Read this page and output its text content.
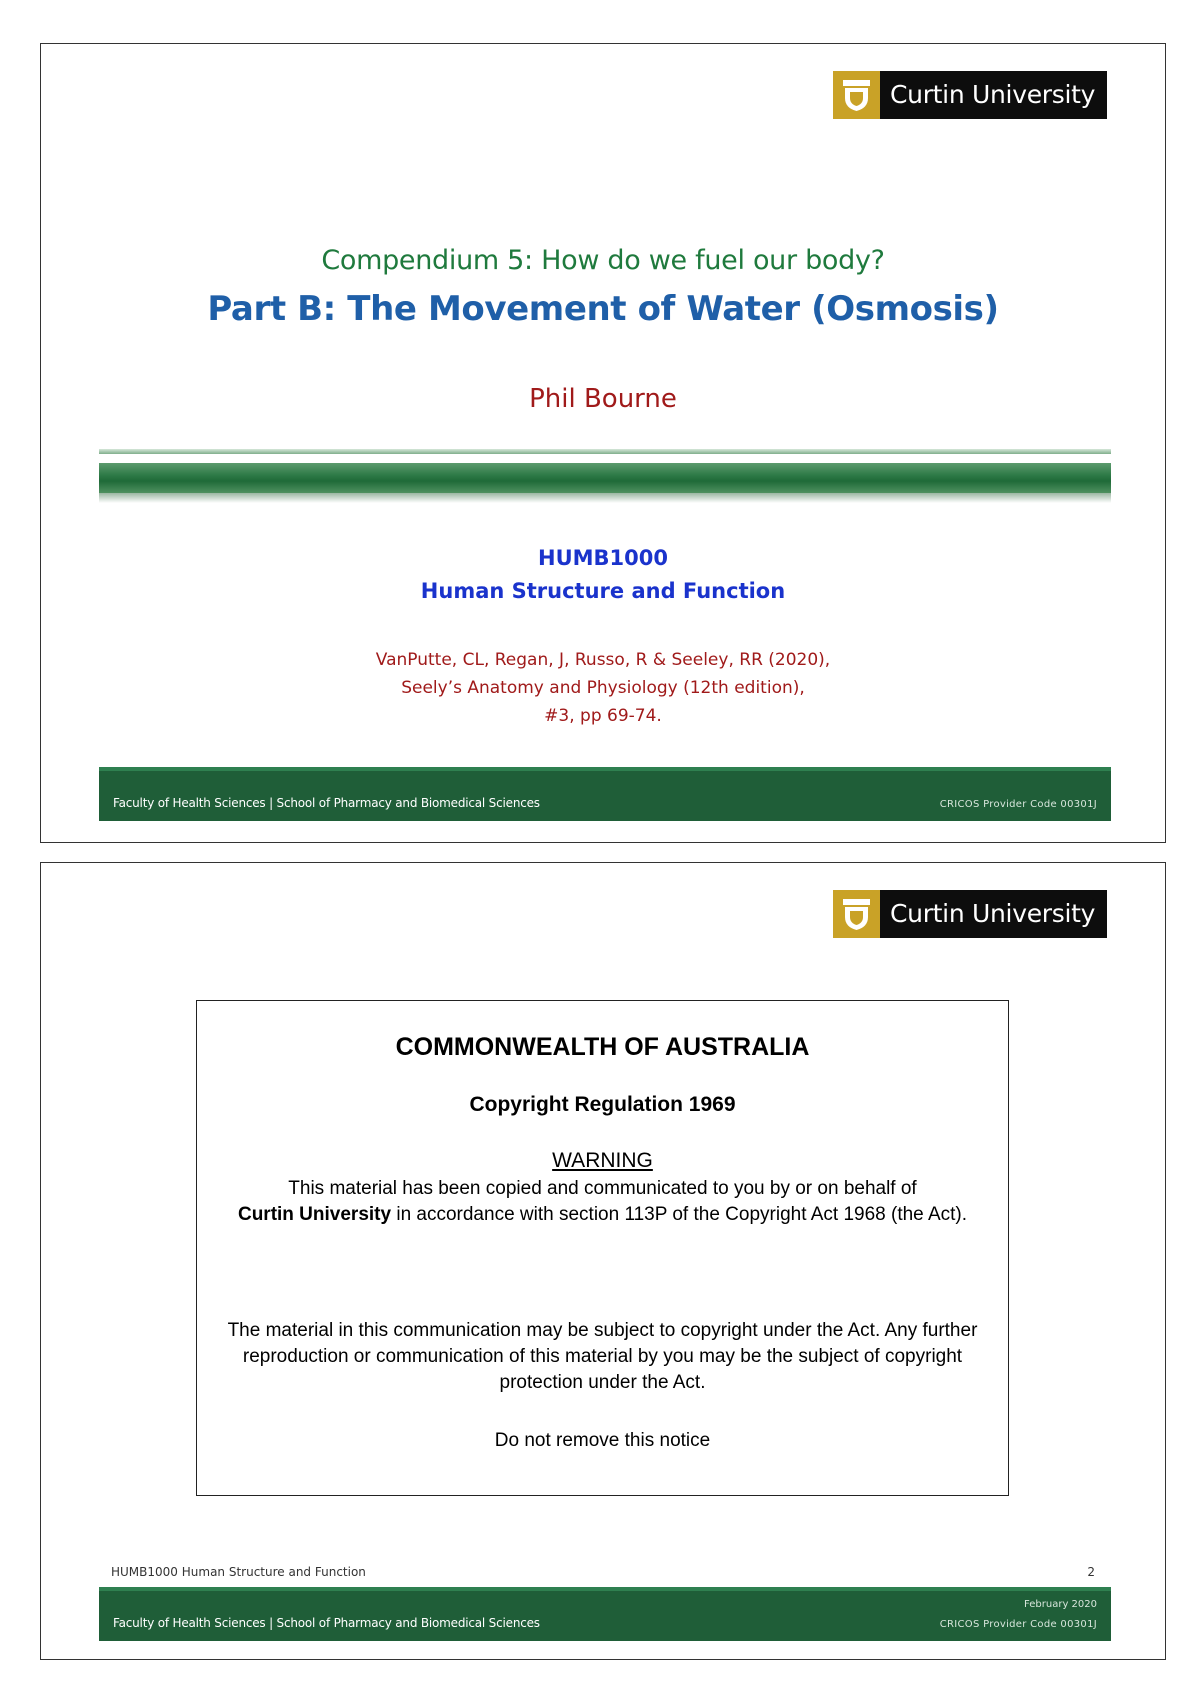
Curtin University
Compendium 5: How do we fuel our body?
Part B: The Movement of Water (Osmosis)
Phil Bourne
HUMB1000
Human Structure and Function
VanPutte, CL, Regan, J, Russo, R & Seeley, RR (2020),
Seely’s Anatomy and Physiology (12th edition),
#3, pp 69-74.
Faculty of Health Sciences | School of Pharmacy and Biomedical Sciences	CRICOS Provider Code 00301J
Curtin University
COMMONWEALTH OF AUSTRALIA
Copyright Regulation 1969
WARNING
This material has been copied and communicated to you by or on behalf of
Curtin University in accordance with section 113P of the Copyright Act 1968 (the Act).
The material in this communication may be subject to copyright under the Act. Any further reproduction or communication of this material by you may be the subject of copyright protection under the Act.
Do not remove this notice
HUMB1000 Human Structure and Function	2
February 2020
Faculty of Health Sciences | School of Pharmacy and Biomedical Sciences	CRICOS Provider Code 00301J
